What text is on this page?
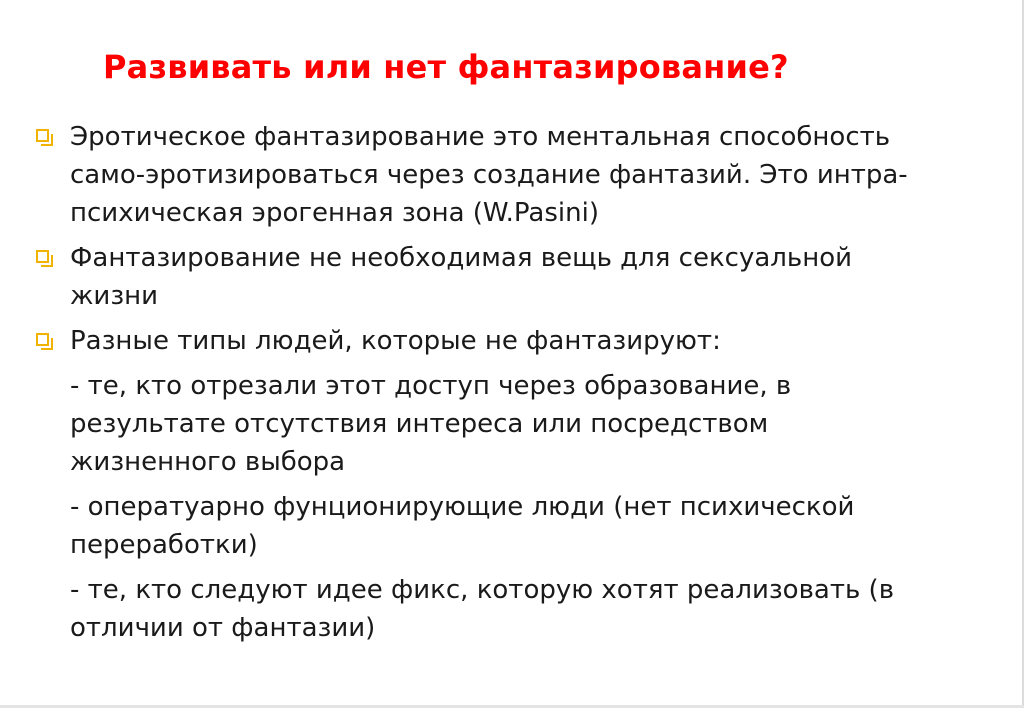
Развивать или нет фантазирование?
Эротическое фантазирование это ментальная способность
само-эротизироваться через создание фантазий. Это интра-
психическая эрогенная зона (W.Pasini)
Фантазирование не необходимая вещь для сексуальной
жизни
Разные типы людей, которые не фантазируют:
- те, кто отрезали этот доступ через образование, в
результате отсутствия интереса или посредством
жизненного выбора
- оператуарно фунционирующие люди (нет психической
переработки)
- те, кто следуют идее фикс, которую хотят реализовать (в
отличии от фантазии)
